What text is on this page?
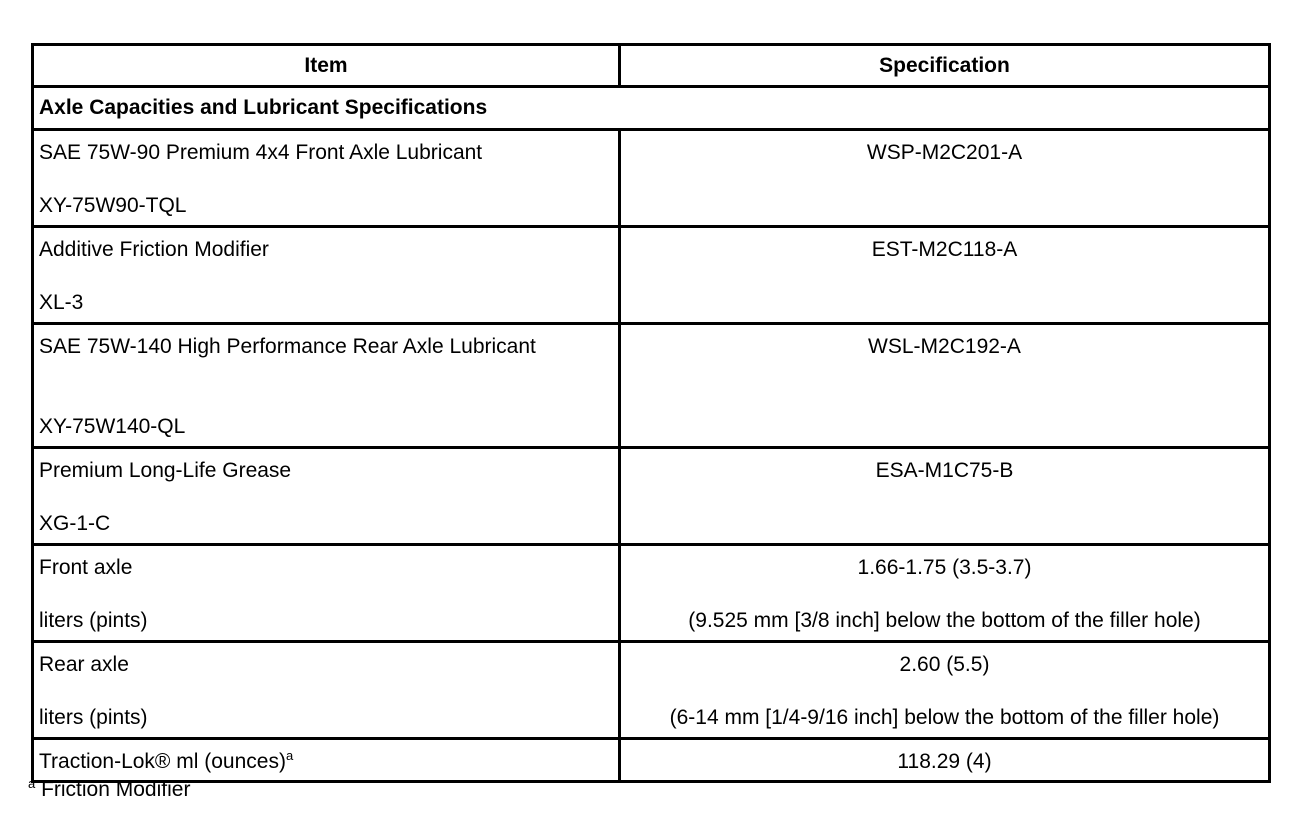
Item	Specification
Axle Capacities and Lubricant Specifications	

SAE 75W-90 Premium 4x4 Front Axle Lubricant
XY-75W90-TQL	WSP-M2C201-A

Additive Friction Modifier
XL-3	EST-M2C118-A

SAE 75W-140 High Performance Rear Axle Lubricant
XY-75W140-QL	WSL-M2C192-A

Premium Long-Life Grease
XG-1-C	ESA-M1C75-B

Front axle
liters (pints)	1.66-1.75 (3.5-3.7)
(9.525 mm [3/8 inch] below the bottom of the filler hole)

Rear axle
liters (pints)	2.60 (5.5)
(6-14 mm [1/4-9/16 inch] below the bottom of the filler hole)

Traction-Lok® ml (ounces)$^a$	118.29 (4)
$^a$ Friction Modifier
